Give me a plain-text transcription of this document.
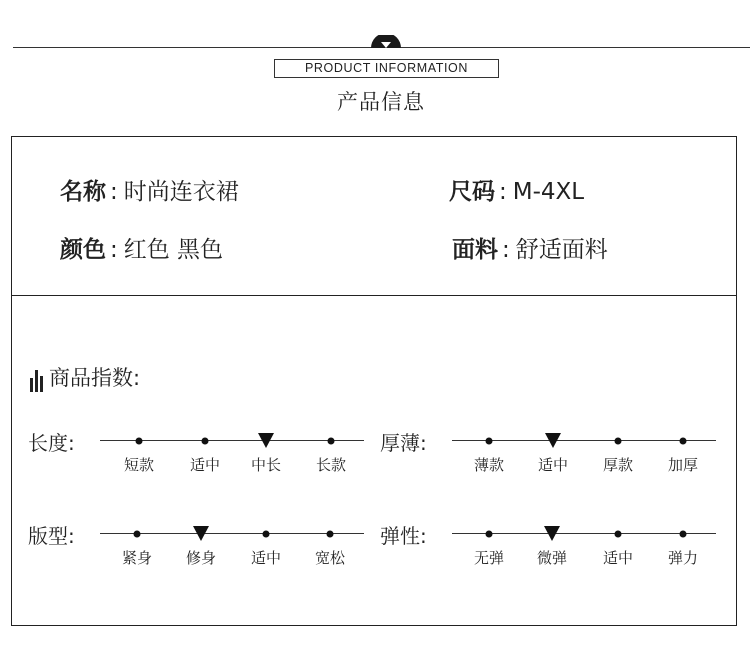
PRODUCT INFORMATION
产品信息
名称 : 时尚连衣裙	尺码 : M-4XL
颜色 : 红色 黑色	面料 : 舒适面料
商品指数:
长度:
短款 适中 中长 长款
厚薄:
薄款 适中 厚款 加厚
版型:
紧身 修身 适中 宽松
弹性:
无弹 微弹 适中 弹力
